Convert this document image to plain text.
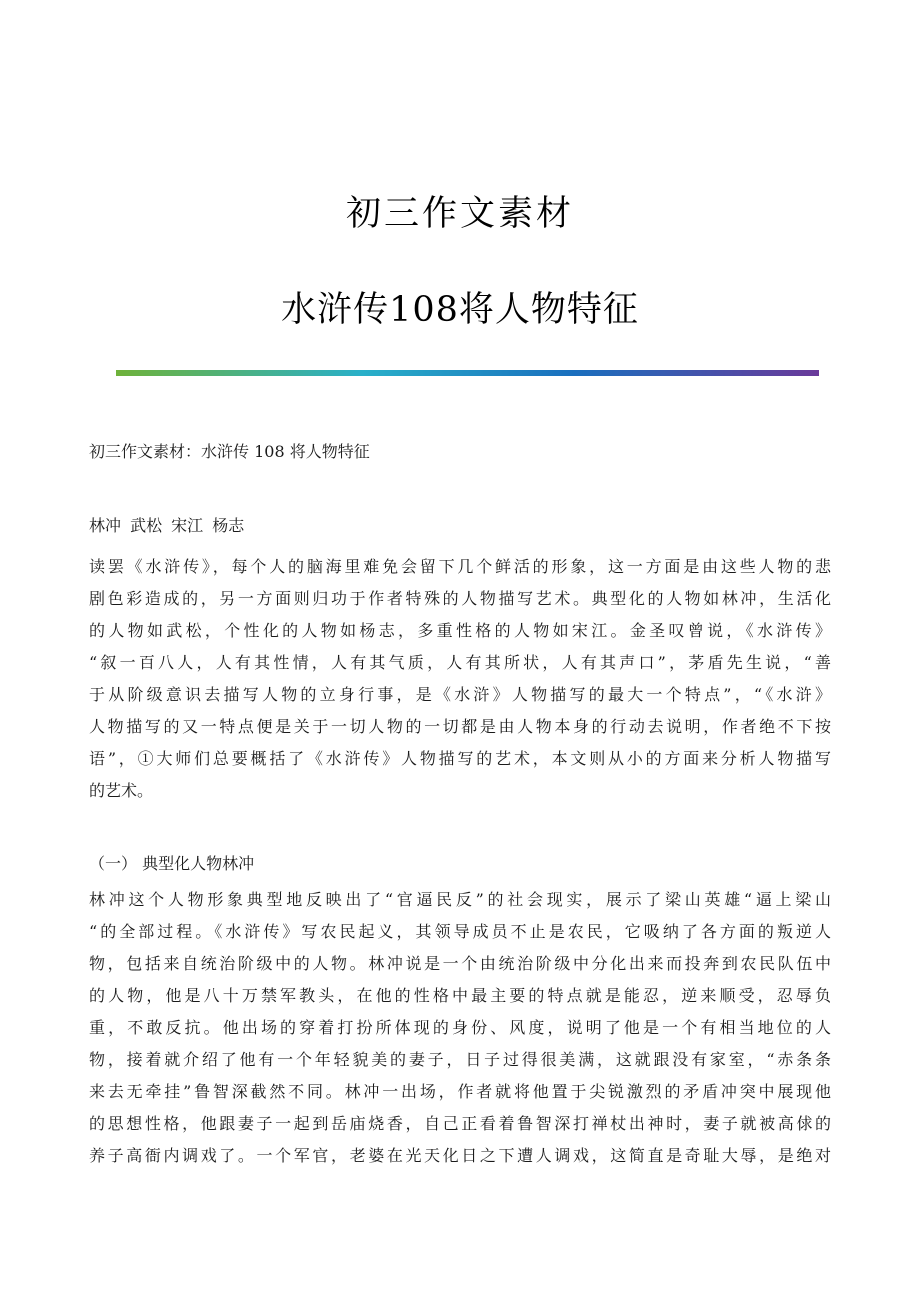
初三作文素材
水浒传108将人物特征
初三作文素材：水浒传 108 将人物特征
林冲 武松 宋江 杨志
读罢《水浒传》，每个人的脑海里难免会留下几个鲜活的形象，这一方面是由这些人物的悲
剧色彩造成的，另一方面则归功于作者特殊的人物描写艺术。典型化的人物如林冲，生活化
的人物如武松，个性化的人物如杨志，多重性格的人物如宋江。金圣叹曾说，《水浒传》
“叙一百八人，人有其性情，人有其气质，人有其所状，人有其声口”，茅盾先生说，“善
于从阶级意识去描写人物的立身行事，是《水浒》人物描写的最大一个特点”，“《水浒》
人物描写的又一特点便是关于一切人物的一切都是由人物本身的行动去说明，作者绝不下按
语”，①大师们总要概括了《水浒传》人物描写的艺术，本文则从小的方面来分析人物描写
的艺术。
（一） 典型化人物林冲
林冲这个人物形象典型地反映出了“官逼民反”的社会现实，展示了梁山英雄“逼上梁山
“的全部过程。《水浒传》写农民起义，其领导成员不止是农民，它吸纳了各方面的叛逆人
物，包括来自统治阶级中的人物。林冲说是一个由统治阶级中分化出来而投奔到农民队伍中
的人物，他是八十万禁军教头，在他的性格中最主要的特点就是能忍，逆来顺受，忍辱负
重，不敢反抗。他出场的穿着打扮所体现的身份、风度，说明了他是一个有相当地位的人
物，接着就介绍了他有一个年轻貌美的妻子，日子过得很美满，这就跟没有家室，“赤条条
来去无牵挂”鲁智深截然不同。林冲一出场，作者就将他置于尖锐激烈的矛盾冲突中展现他
的思想性格，他跟妻子一起到岳庙烧香，自己正看着鲁智深打禅杖出神时，妻子就被高俅的
养子高衙内调戏了。一个军官，老婆在光天化日之下遭人调戏，这简直是奇耻大辱，是绝对
